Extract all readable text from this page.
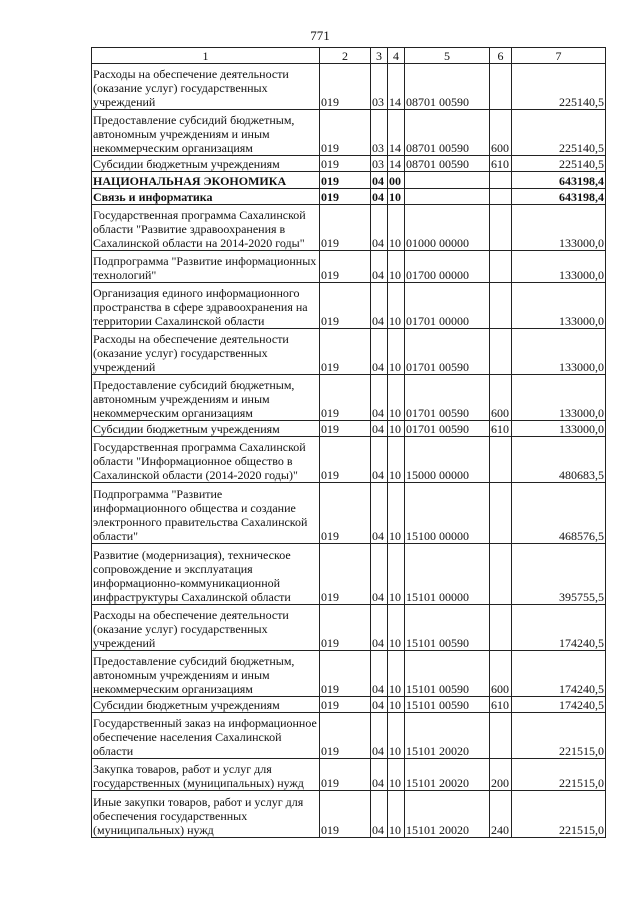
771
1	2	3	4	5	6	7
Расходы на обеспечение деятельности (оказание услуг) государственных учреждений	019	03	14	08701 00590		225140,5
Предоставление субсидий бюджетным, автономным учреждениям и иным некоммерческим организациям	019	03	14	08701 00590	600	225140,5
Субсидии бюджетным учреждениям	019	03	14	08701 00590	610	225140,5
НАЦИОНАЛЬНАЯ ЭКОНОМИКА	019	04	00			643198,4
Связь и информатика	019	04	10			643198,4
Государственная программа Сахалинской области "Развитие здравоохранения в Сахалинской области на 2014-2020 годы"	019	04	10	01000 00000		133000,0
Подпрограмма "Развитие информационных технологий"	019	04	10	01700 00000		133000,0
Организация единого информационного пространства в сфере здравоохранения на территории Сахалинской области	019	04	10	01701 00000		133000,0
Расходы на обеспечение деятельности (оказание услуг) государственных учреждений	019	04	10	01701 00590		133000,0
Предоставление субсидий бюджетным, автономным учреждениям и иным некоммерческим организациям	019	04	10	01701 00590	600	133000,0
Субсидии бюджетным учреждениям	019	04	10	01701 00590	610	133000,0
Государственная программа Сахалинской области "Информационное общество в Сахалинской области (2014-2020 годы)"	019	04	10	15000 00000		480683,5
Подпрограмма "Развитие информационного общества и создание электронного правительства Сахалинской области"	019	04	10	15100 00000		468576,5
Развитие (модернизация), техническое сопровождение и эксплуатация информационно-коммуникационной инфраструктуры Сахалинской области	019	04	10	15101 00000		395755,5
Расходы на обеспечение деятельности (оказание услуг) государственных учреждений	019	04	10	15101 00590		174240,5
Предоставление субсидий бюджетным, автономным учреждениям и иным некоммерческим организациям	019	04	10	15101 00590	600	174240,5
Субсидии бюджетным учреждениям	019	04	10	15101 00590	610	174240,5
Государственный заказ на информационное обеспечение населения Сахалинской области	019	04	10	15101 20020		221515,0
Закупка товаров, работ и услуг для государственных (муниципальных) нужд	019	04	10	15101 20020	200	221515,0
Иные закупки товаров, работ и услуг для обеспечения государственных (муниципальных) нужд	019	04	10	15101 20020	240	221515,0
